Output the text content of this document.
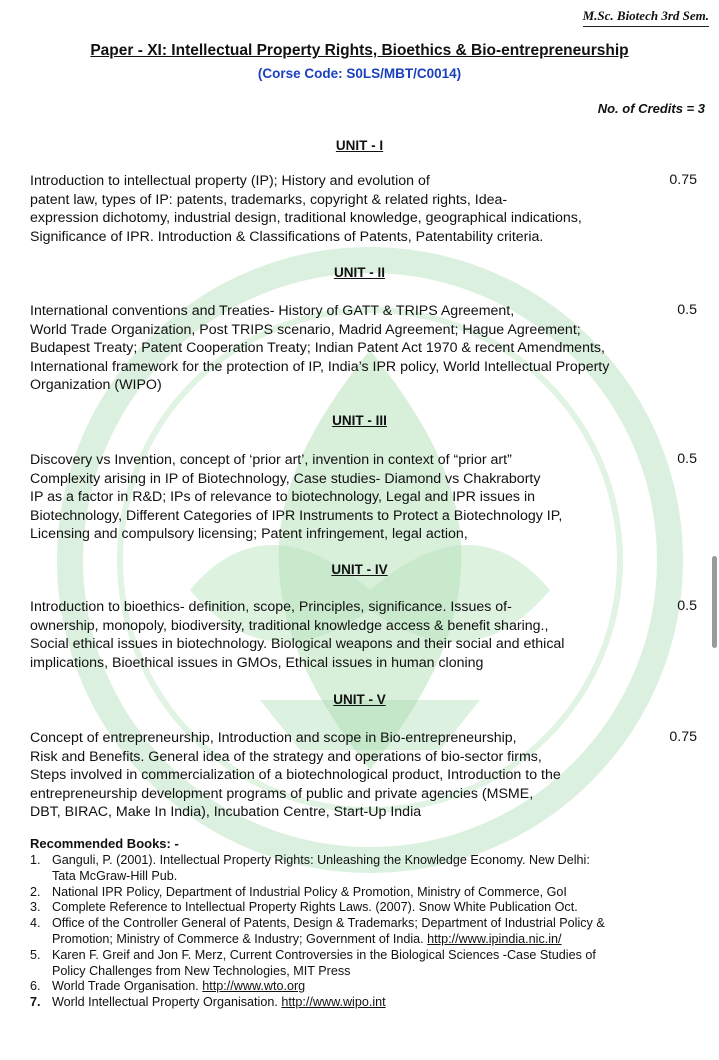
M.Sc. Biotech 3rd Sem.
Paper - XI: Intellectual Property Rights, Bioethics & Bio-entrepreneurship
(Corse Code: S0LS/MBT/C0014)
No. of Credits = 3
UNIT - I
Introduction to intellectual property (IP); History and evolution of
patent law, types of IP: patents, trademarks, copyright & related rights, Idea-
expression dichotomy, industrial design, traditional knowledge, geographical indications,
Significance of IPR. Introduction & Classifications of Patents, Patentability criteria.
0.75
UNIT - II
International conventions and Treaties- History of GATT & TRIPS Agreement,
World Trade Organization, Post TRIPS scenario, Madrid Agreement; Hague Agreement;
Budapest Treaty; Patent Cooperation Treaty; Indian Patent Act 1970 & recent Amendments,
International framework for the protection of IP, India’s IPR policy, World Intellectual Property
Organization (WIPO)
0.5
UNIT - III
Discovery vs Invention, concept of ‘prior art’, invention in context of “prior art”
Complexity arising in IP of Biotechnology, Case studies- Diamond vs Chakraborty
IP as a factor in R&D; IPs of relevance to biotechnology, Legal and IPR issues in
Biotechnology, Different Categories of IPR Instruments to Protect a Biotechnology IP,
Licensing and compulsory licensing; Patent infringement, legal action,
0.5
UNIT - IV
Introduction to bioethics- definition, scope, Principles, significance. Issues of-
ownership, monopoly, biodiversity, traditional knowledge access & benefit sharing.,
Social ethical issues in biotechnology. Biological weapons and their social and ethical
implications, Bioethical issues in GMOs, Ethical issues in human cloning
0.5
UNIT - V
Concept of entrepreneurship, Introduction and scope in Bio-entrepreneurship,
Risk and Benefits. General idea of the strategy and operations of bio-sector firms,
Steps involved in commercialization of a biotechnological product, Introduction to the
entrepreneurship development programs of public and private agencies (MSME,
DBT, BIRAC, Make In India), Incubation Centre, Start-Up India
0.75
Recommended Books: -
1. Ganguli, P. (2001). Intellectual Property Rights: Unleashing the Knowledge Economy. New Delhi:
Tata McGraw-Hill Pub.
2. National IPR Policy, Department of Industrial Policy & Promotion, Ministry of Commerce, GoI
3. Complete Reference to Intellectual Property Rights Laws. (2007). Snow White Publication Oct.
4. Office of the Controller General of Patents, Design & Trademarks; Department of Industrial Policy &
Promotion; Ministry of Commerce & Industry; Government of India. http://www.ipindia.nic.in/
5. Karen F. Greif and Jon F. Merz, Current Controversies in the Biological Sciences -Case Studies of
Policy Challenges from New Technologies, MIT Press
6. World Trade Organisation. http://www.wto.org
7. World Intellectual Property Organisation. http://www.wipo.int
